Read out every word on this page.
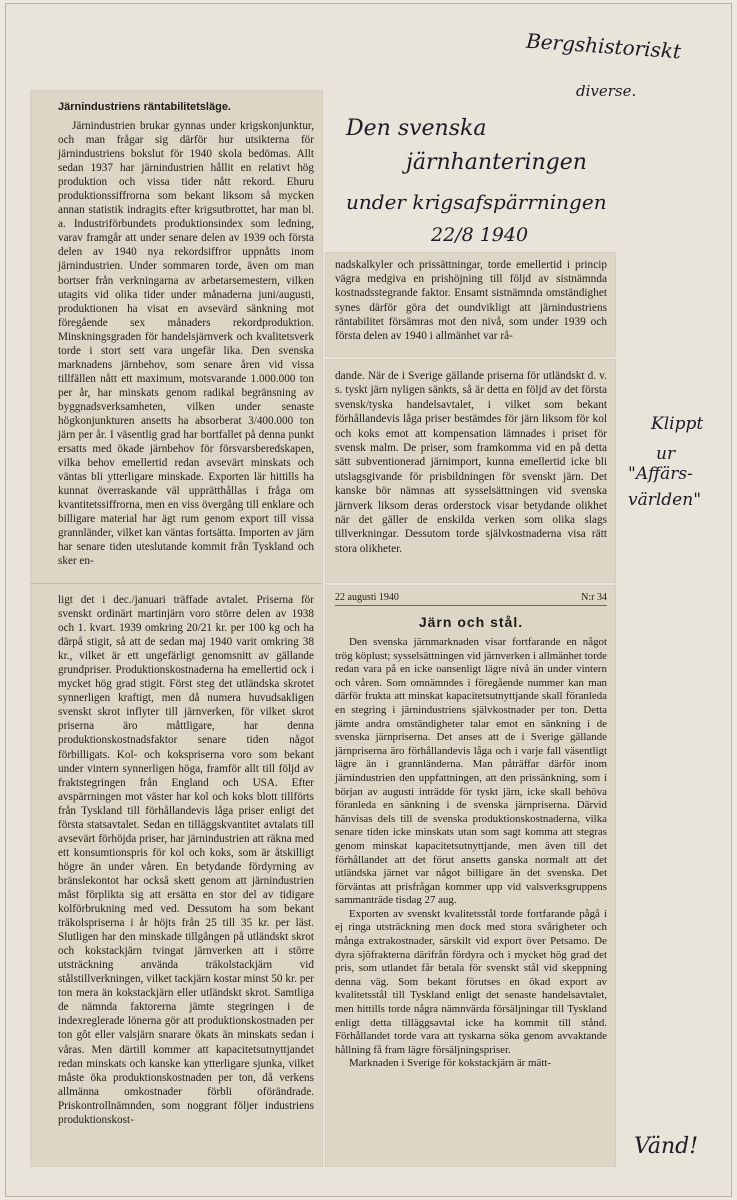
Bergshistoriskt
diverse.
Den svenska
järnhanteringen
under krigsafspärrningen
22/8 1940
Klippt
ur
"Affärs-
världen"
Vänd!
Järnindustriens räntabilitetsläge.

Järnindustrien brukar gynnas under krigskonjunktur, och man frågar sig därför hur utsikterna för järnindustriens bokslut för 1940 skola bedömas. Allt sedan 1937 har järnindustrien hållit en relativt hög produktion och vissa tider nått rekord. Ehuru produktionssiffrorna som bekant liksom så mycken annan statistik indragits efter krigsutbrottet, har man bl. a. Industriförbundets produktionsindex som ledning, varav framgår att under senare delen av 1939 och första delen av 1940 nya rekordsiffror uppnåtts inom järnindustrien. Under sommaren torde, även om man bortser från verkningarna av arbetarsemestern, vilken utagits vid olika tider under månaderna juni/augusti, produktionen ha visat en avsevärd sänkning mot föregående sex månaders rekordproduktion. Minskningsgraden för handelsjärnverk och kvalitetsverk torde i stort sett vara ungefär lika. Den svenska marknadens järnbehov, som senare åren vid vissa tillfällen nått ett maximum, motsvarande 1.000.000 ton per år, har minskats genom radikal begränsning av byggnadsverksamheten, vilken under senaste högkonjunkturen ansetts ha absorberat 3/400.000 ton järn per år. I väsentlig grad har bortfallet på denna punkt ersatts med ökade järnbehov för försvarsberedskapen, vilka behov emellertid redan avsevärt minskats och väntas bli ytterligare minskade. Exporten lär hittills ha kunnat överraskande väl upprätthållas i fråga om kvantitetssiffrorna, men en viss övergång till enklare och billigare material har ägt rum genom export till vissa grannländer, vilket kan väntas fortsätta. Importen av järn har senare tiden uteslutande kommit från Tyskland och sker en-

nadskalkyler och prissättningar, torde emellertid i princip vägra medgiva en prishöjning till följd av sistnämnda kostnadsstegrande faktor. Ensamt sistnämnda omständighet synes därför göra det oundvikligt att järnindustriens räntabilitet försämras mot den nivå, som under 1939 och första delen av 1940 i allmänhet var rå-

dande. När de i Sverige gällande priserna för utländskt d. v. s. tyskt järn nyligen sänkts, så är detta en följd av det första svensk/tyska handelsavtalet, i vilket som bekant förhållandevis låga priser bestämdes för järn liksom för kol och koks emot att kompensation lämnades i priset för svensk malm. De priser, som framkomma vid en på detta sätt subventionerad järnimport, kunna emellertid icke bli utslagsgivande för prisbildningen för svenskt järn. Det kanske bör nämnas att sysselsättningen vid svenska järnverk liksom deras orderstock visar betydande olikhet när det gäller de enskilda verken som olika slags tillverkningar. Dessutom torde självkostnaderna visa rätt stora olikheter.

ligt det i dec./januari träffade avtalet. Priserna för svenskt ordinärt martinjärn voro större delen av 1938 och 1. kvart. 1939 omkring 20/21 kr. per 100 kg och ha därpå stigit, så att de sedan maj 1940 varit omkring 38 kr., vilket är ett ungefärligt genomsnitt av gällande grundpriser. Produktionskostnaderna ha emellertid ock i mycket hög grad stigit. Först steg det utländska skrotet synnerligen kraftigt, men då numera huvudsakligen svenskt skrot inflyter till järnverken, för vilket skrot priserna äro måttligare, har denna produktionskostnadsfaktor senare tiden något förbilligats. Kol- och kokspriserna voro som bekant under vintern synnerligen höga, framför allt till följd av fraktstegringen från England och USA. Efter avspärrningen mot väster har kol och koks blott tillförts från Tyskland till förhållandevis låga priser enligt det första statsavtalet. Sedan en tilläggskvantitet avtalats till avsevärt förhöjda priser, har järnindustrien att räkna med ett konsumtionspris för kol och koks, som är åtskilligt högre än under våren. En betydande fördyrning av bränslekontot har också skett genom att järnindustrien måst förplikta sig att ersätta en stor del av tidigare kolförbrukning med ved. Dessutom ha som bekant träkolspriserna i år höjts från 25 till 35 kr. per läst. Slutligen har den minskade tillgången på utländskt skrot och kokstackjärn tvingat järnverken att i större utsträckning använda träkolstackjärn vid stålstillverkningen, vilket tackjärn kostar minst 50 kr. per ton mera än kokstackjärn eller utländskt skrot. Samtliga de nämnda faktorerna jämte stegringen i de indexreglerade lönerna gör att produktionskostnaden per ton gôt eller valsjärn snarare ökats än minskats sedan i våras. Men därtill kommer att kapacitetsutnyttjandet redan minskats och kanske kan ytterligare sjunka, vilket måste öka produktionskostnaden per ton, då verkens allmänna omkostnader förbli oförändrade. Priskontrollnämnden, som noggrant följer industriens produktionskost-

22 augusti 1940	N:r 34
Järn och stål.

Den svenska järnmarknaden visar fortfarande en något trög köplust; sysselsättningen vid järnverken i allmänhet torde redan vara på en icke oansenligt lägre nivå än under vintern och våren. Som omnämndes i föregående nummer kan man därför frukta att minskat kapacitetsutnyttjande skall föranleda en stegring i järnindustriens självkostnader per ton. Detta jämte andra omständigheter talar emot en sänkning i de svenska järnpriserna. Det anses att de i Sverige gällande järnpriserna äro förhållandevis låga och i varje fall väsentligt lägre än i grannländerna. Man påträffar därför inom järnindustrien den uppfattningen, att den prissänkning, som i början av augusti inträdde för tyskt järn, icke skall behöva föranleda en sänkning i de svenska järnpriserna. Därvid hänvisas dels till de svenska produktionskostnaderna, vilka senare tiden icke minskats utan som sagt komma att stegras genom minskat kapacitetsutnyttjande, men även till det förhållandet att det förut ansetts ganska normalt att det utländska järnet var något billigare än det svenska. Det förväntas att prisfrågan kommer upp vid valsverksgruppens sammanträde tisdag 27 aug.

Exporten av svenskt kvalitetsstål torde fortfarande pågå i ej ringa utsträckning men dock med stora svårigheter och många extrakostnader, särskilt vid export över Petsamo. De dyra sjöfrakterna därifrån fördyra och i mycket hög grad det pris, som utlandet får betala för svenskt stål vid skeppning denna väg. Som bekant förutses en ökad export av kvalitetsstål till Tyskland enligt det senaste handelsavtalet, men hittills torde några nämnvärda försäljningar till Tyskland enligt detta tilläggsavtal icke ha kommit till stånd. Förhållandet torde vara att tyskarna söka genom avvaktande hållning få fram lägre försäljningspriser.

Marknaden i Sverige för kokstackjärn är mätt-
